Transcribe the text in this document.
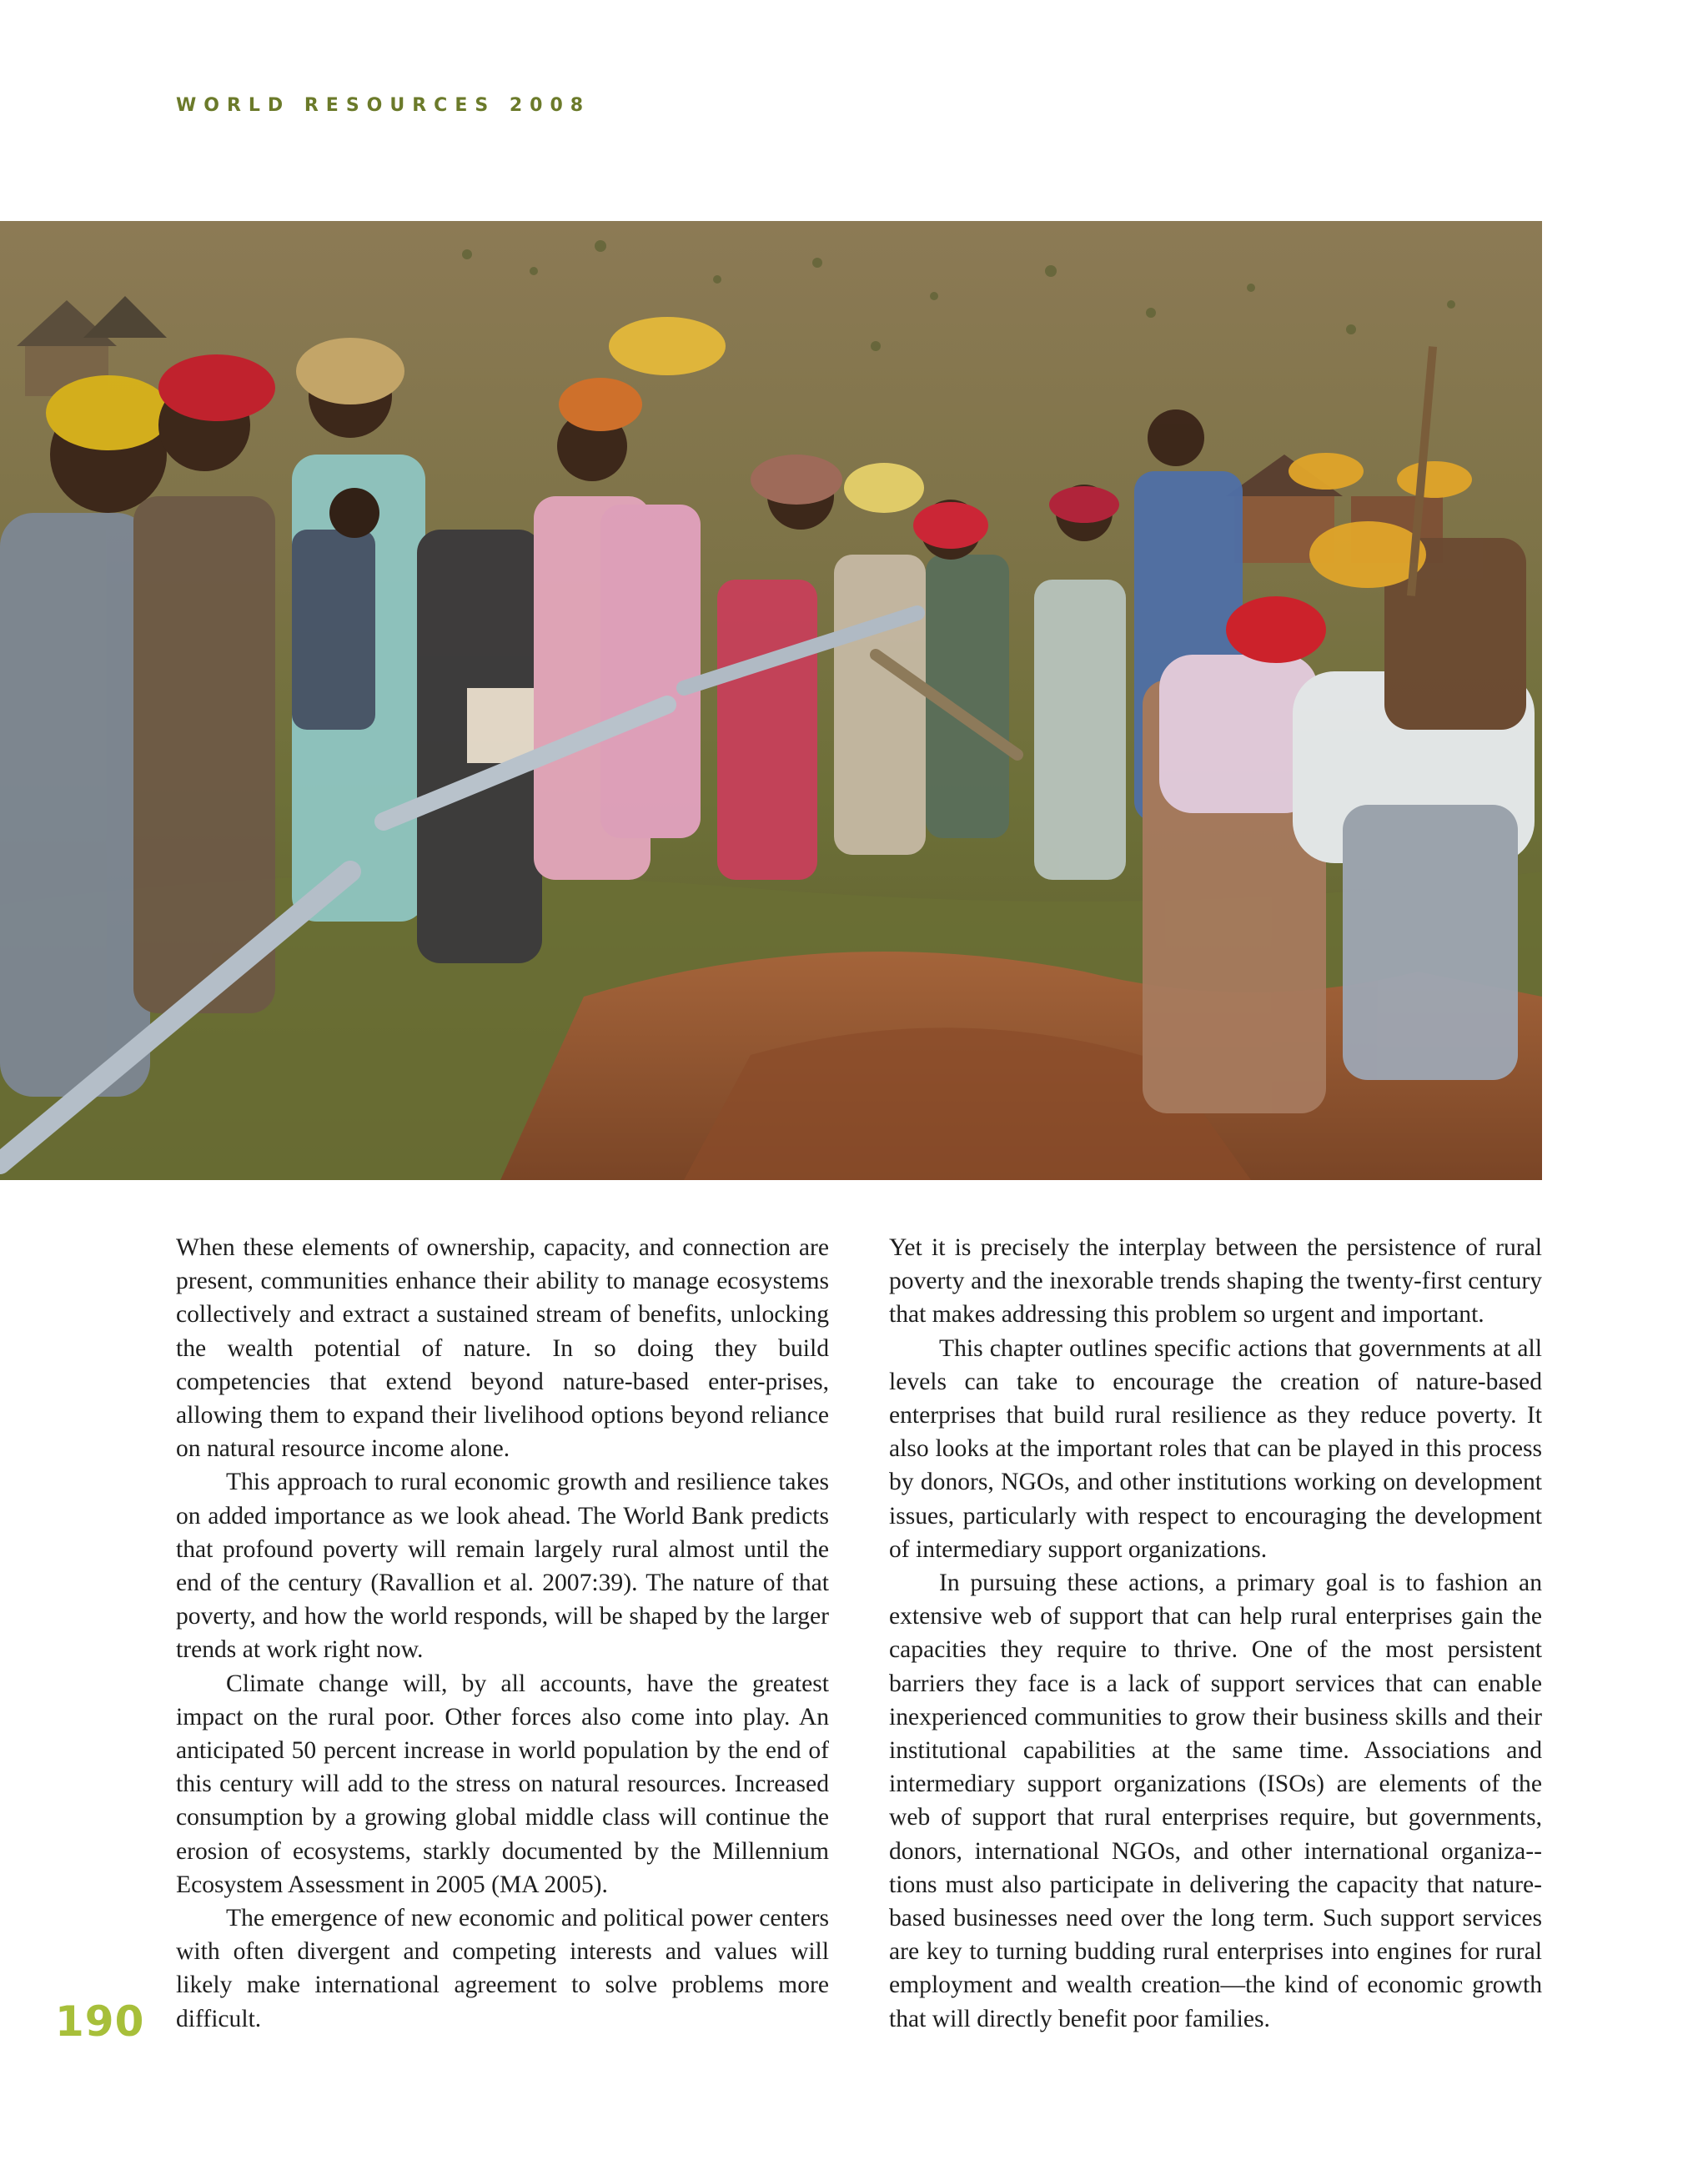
WORLD RESOURCES 2008

When these elements of ownership, capacity, and connection are present, communities enhance their ability to manage ecosystems collectively and extract a sustained stream of benefits, unlocking the wealth potential of nature. In so doing they build competencies that extend beyond nature-based enter-prises, allowing them to expand their livelihood options beyond reliance on natural resource income alone.

This approach to rural economic growth and resilience takes on added importance as we look ahead. The World Bank predicts that profound poverty will remain largely rural almost until the end of the century (Ravallion et al. 2007:39). The nature of that poverty, and how the world responds, will be shaped by the larger trends at work right now.

Climate change will, by all accounts, have the greatest impact on the rural poor. Other forces also come into play. An anticipated 50 percent increase in world population by the end of this century will add to the stress on natural resources. Increased consumption by a growing global middle class will continue the erosion of ecosystems, starkly documented by the Millennium Ecosystem Assessment in 2005 (MA 2005).

The emergence of new economic and political power centers with often divergent and competing interests and values will likely make international agreement to solve problems more difficult.

Yet it is precisely the interplay between the persistence of rural poverty and the inexorable trends shaping the twenty-first century that makes addressing this problem so urgent and important.

This chapter outlines specific actions that governments at all levels can take to encourage the creation of nature-based enterprises that build rural resilience as they reduce poverty. It also looks at the important roles that can be played in this process by donors, NGOs, and other institutions working on development issues, particularly with respect to encouraging the development of intermediary support organizations.

In pursuing these actions, a primary goal is to fashion an extensive web of support that can help rural enterprises gain the capacities they require to thrive. One of the most persistent barriers they face is a lack of support services that can enable inexperienced communities to grow their business skills and their institutional capabilities at the same time. Associations and intermediary support organizations (ISOs) are elements of the web of support that rural enterprises require, but governments, donors, international NGOs, and other international organiza-tions must also participate in delivering the capacity that nature-based businesses need over the long term. Such support services are key to turning budding rural enterprises into engines for rural employment and wealth creation—the kind of economic growth that will directly benefit poor families.

190
